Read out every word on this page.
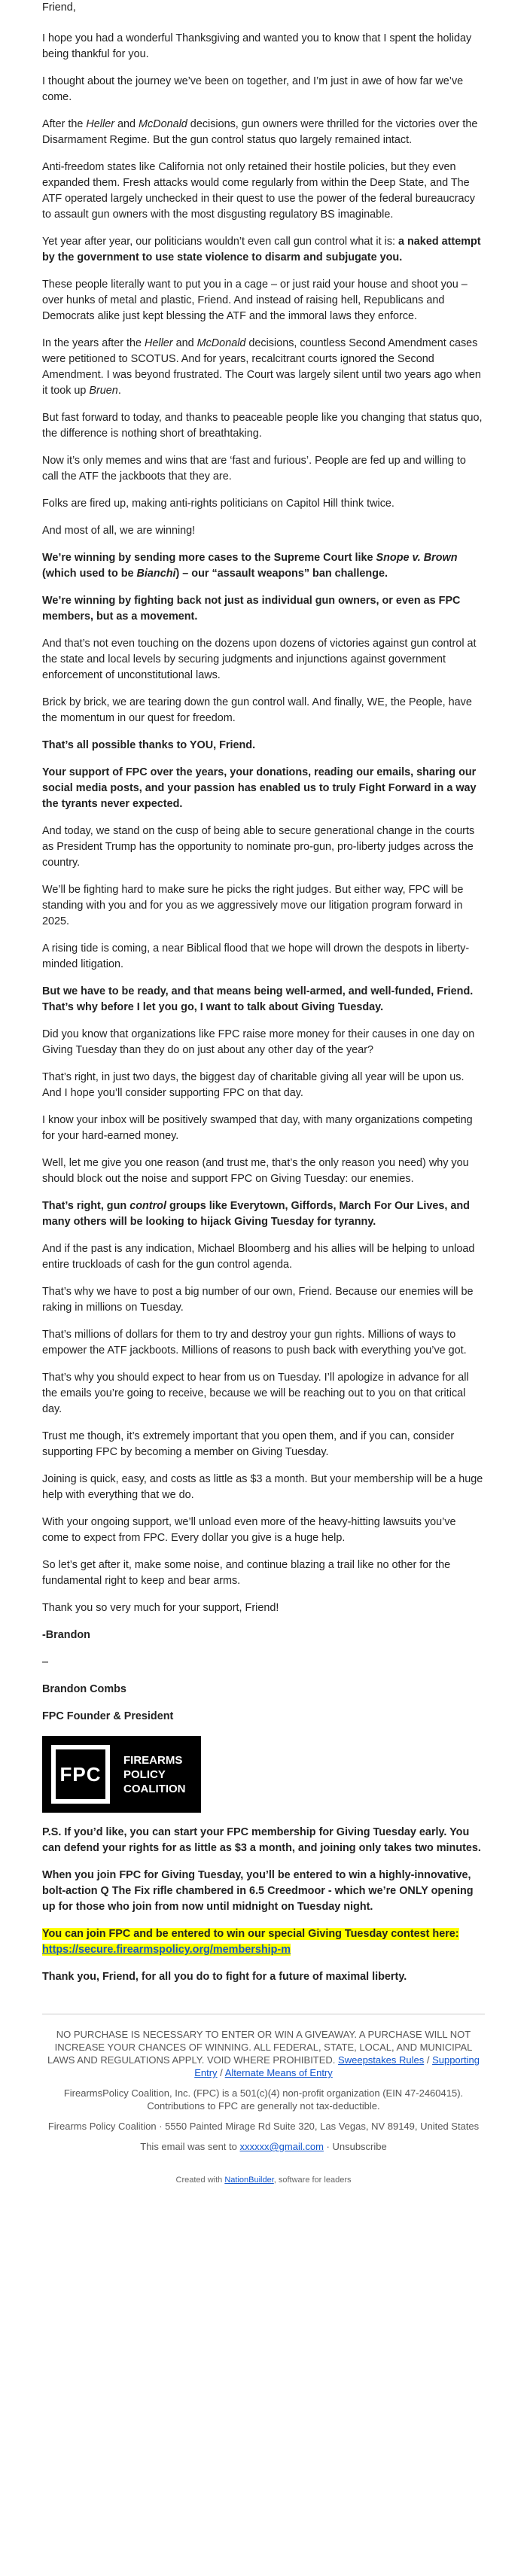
Friend,

I hope you had a wonderful Thanksgiving and wanted you to know that I spent the holiday being thankful for you.

I thought about the journey we’ve been on together, and I’m just in awe of how far we’ve come.

After the Heller and McDonald decisions, gun owners were thrilled for the victories over the Disarmament Regime. But the gun control status quo largely remained intact.

Anti-freedom states like California not only retained their hostile policies, but they even expanded them. Fresh attacks would come regularly from within the Deep State, and The ATF operated largely unchecked in their quest to use the power of the federal bureaucracy to assault gun owners with the most disgusting regulatory BS imaginable.

Yet year after year, our politicians wouldn’t even call gun control what it is: a naked attempt by the government to use state violence to disarm and subjugate you.

These people literally want to put you in a cage – or just raid your house and shoot you – over hunks of metal and plastic, Friend. And instead of raising hell, Republicans and Democrats alike just kept blessing the ATF and the immoral laws they enforce.

In the years after the Heller and McDonald decisions, countless Second Amendment cases were petitioned to SCOTUS. And for years, recalcitrant courts ignored the Second Amendment. I was beyond frustrated. The Court was largely silent until two years ago when it took up Bruen.

But fast forward to today, and thanks to peaceable people like you changing that status quo, the difference is nothing short of breathtaking.

Now it’s only memes and wins that are ‘fast and furious’. People are fed up and willing to call the ATF the jackboots that they are.

Folks are fired up, making anti-rights politicians on Capitol Hill think twice.

And most of all, we are winning!

We’re winning by sending more cases to the Supreme Court like Snope v. Brown (which used to be Bianchi) – our “assault weapons” ban challenge.

We’re winning by fighting back not just as individual gun owners, or even as FPC members, but as a movement.

And that’s not even touching on the dozens upon dozens of victories against gun control at the state and local levels by securing judgments and injunctions against government enforcement of unconstitutional laws.

Brick by brick, we are tearing down the gun control wall. And finally, WE, the People, have the momentum in our quest for freedom.

That’s all possible thanks to YOU, Friend.

Your support of FPC over the years, your donations, reading our emails, sharing our social media posts, and your passion has enabled us to truly Fight Forward in a way the tyrants never expected.

And today, we stand on the cusp of being able to secure generational change in the courts as President Trump has the opportunity to nominate pro-gun, pro-liberty judges across the country.

We’ll be fighting hard to make sure he picks the right judges. But either way, FPC will be standing with you and for you as we aggressively move our litigation program forward in 2025.

A rising tide is coming, a near Biblical flood that we hope will drown the despots in liberty-minded litigation.

But we have to be ready, and that means being well-armed, and well-funded, Friend. That’s why before I let you go, I want to talk about Giving Tuesday.

Did you know that organizations like FPC raise more money for their causes in one day on Giving Tuesday than they do on just about any other day of the year?

That’s right, in just two days, the biggest day of charitable giving all year will be upon us. And I hope you’ll consider supporting FPC on that day.

I know your inbox will be positively swamped that day, with many organizations competing for your hard-earned money.

Well, let me give you one reason (and trust me, that’s the only reason you need) why you should block out the noise and support FPC on Giving Tuesday: our enemies.

That’s right, gun control groups like Everytown, Giffords, March For Our Lives, and many others will be looking to hijack Giving Tuesday for tyranny.

And if the past is any indication, Michael Bloomberg and his allies will be helping to unload entire truckloads of cash for the gun control agenda.

That’s why we have to post a big number of our own, Friend. Because our enemies will be raking in millions on Tuesday.

That’s millions of dollars for them to try and destroy your gun rights. Millions of ways to empower the ATF jackboots. Millions of reasons to push back with everything you’ve got.

That’s why you should expect to hear from us on Tuesday. I’ll apologize in advance for all the emails you’re going to receive, because we will be reaching out to you on that critical day.

Trust me though, it’s extremely important that you open them, and if you can, consider supporting FPC by becoming a member on Giving Tuesday.

Joining is quick, easy, and costs as little as $3 a month. But your membership will be a huge help with everything that we do.

With your ongoing support, we’ll unload even more of the heavy-hitting lawsuits you’ve come to expect from FPC. Every dollar you give is a huge help.

So let’s get after it, make some noise, and continue blazing a trail like no other for the fundamental right to keep and bear arms.

Thank you so very much for your support, Friend!

-Brandon

–

Brandon Combs

FPC Founder & President

FPC
FIREARMS
POLICY
COALITION

P.S. If you’d like, you can start your FPC membership for Giving Tuesday early. You can defend your rights for as little as $3 a month, and joining only takes two minutes.

When you join FPC for Giving Tuesday, you’ll be entered to win a highly-innovative, bolt-action Q The Fix rifle chambered in 6.5 Creedmoor - which we’re ONLY opening up for those who join from now until midnight on Tuesday night.

You can join FPC and be entered to win our special Giving Tuesday contest here: https://secure.firearmspolicy.org/membership-m

Thank you, Friend, for all you do to fight for a future of maximal liberty.

NO PURCHASE IS NECESSARY TO ENTER OR WIN A GIVEAWAY. A PURCHASE WILL NOT INCREASE YOUR CHANCES OF WINNING. ALL FEDERAL, STATE, LOCAL, AND MUNICIPAL LAWS AND REGULATIONS APPLY. VOID WHERE PROHIBITED. Sweepstakes Rules / Supporting Entry / Alternate Means of Entry

FirearmsPolicy Coalition, Inc. (FPC) is a 501(c)(4) non-profit organization (EIN 47-2460415). Contributions to FPC are generally not tax-deductible.

Firearms Policy Coalition · 5550 Painted Mirage Rd Suite 320, Las Vegas, NV 89149, United States

This email was sent to xxxxxx@gmail.com · Unsubscribe

Created with NationBuilder, software for leaders
